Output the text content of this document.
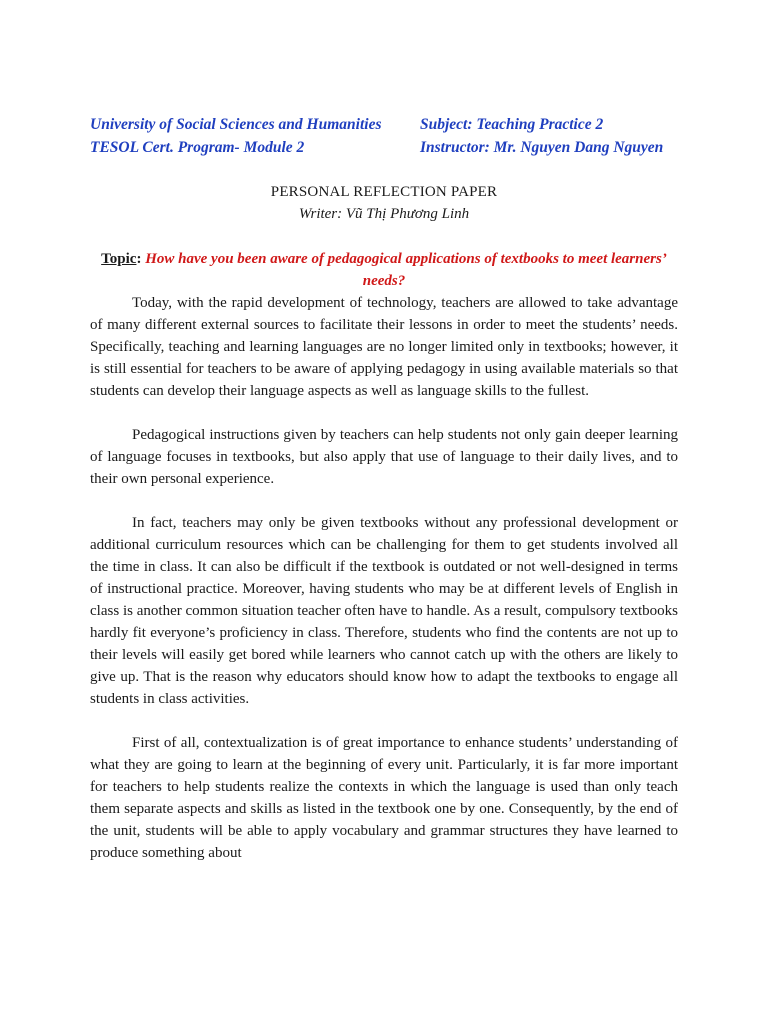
University of Social Sciences and Humanities Subject: Teaching Practice 2
TESOL Cert. Program- Module 2	Instructor: Mr. Nguyen Dang Nguyen
PERSONAL REFLECTION PAPER
Writer: Vũ Thị Phương Linh
Topic: How have you been aware of pedagogical applications of textbooks to meet learners’ needs?

Today, with the rapid development of technology, teachers are allowed to take advantage of many different external sources to facilitate their lessons in order to meet the students’ needs. Specifically, teaching and learning languages are no longer limited only in textbooks; however, it is still essential for teachers to be aware of applying pedagogy in using available materials so that students can develop their language aspects as well as language skills to the fullest.

Pedagogical instructions given by teachers can help students not only gain deeper learning of language focuses in textbooks, but also apply that use of language to their daily lives, and to their own personal experience.

In fact, teachers may only be given textbooks without any professional development or additional curriculum resources which can be challenging for them to get students involved all the time in class. It can also be difficult if the textbook is outdated or not well-designed in terms of instructional practice. Moreover, having students who may be at different levels of English in class is another common situation teacher often have to handle. As a result, compulsory textbooks hardly fit everyone’s proficiency in class. Therefore, students who find the contents are not up to their levels will easily get bored while learners who cannot catch up with the others are likely to give up. That is the reason why educators should know how to adapt the textbooks to engage all students in class activities.

First of all, contextualization is of great importance to enhance students’ understanding of what they are going to learn at the beginning of every unit. Particularly, it is far more important for teachers to help students realize the contexts in which the language is used than only teach them separate aspects and skills as listed in the textbook one by one. Consequently, by the end of the unit, students will be able to apply vocabulary and grammar structures they have learned to produce something about
